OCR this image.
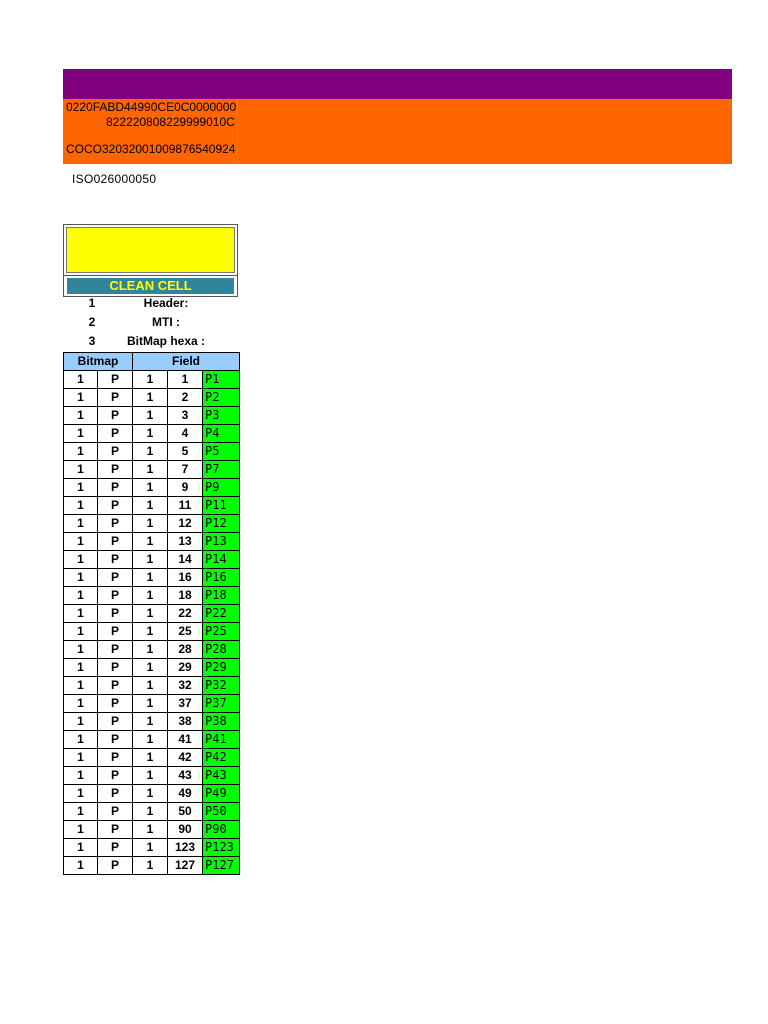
0220FABD44990CE0C0000000
822220808229999010C
COCO32032001009876540924
ISO026000050
CLEAN CELL
1	Header:
2	MTI :
3	BitMap hexa :
Bitmap		Field		
1	P	1	1	P1
1	P	1	2	P2
1	P	1	3	P3
1	P	1	4	P4
1	P	1	5	P5
1	P	1	7	P7
1	P	1	9	P9
1	P	1	11	P11
1	P	1	12	P12
1	P	1	13	P13
1	P	1	14	P14
1	P	1	16	P16
1	P	1	18	P18
1	P	1	22	P22
1	P	1	25	P25
1	P	1	28	P28
1	P	1	29	P29
1	P	1	32	P32
1	P	1	37	P37
1	P	1	38	P38
1	P	1	41	P41
1	P	1	42	P42
1	P	1	43	P43
1	P	1	49	P49
1	P	1	50	P50
1	P	1	90	P90
1	P	1	123	P123
1	P	1	127	P127
